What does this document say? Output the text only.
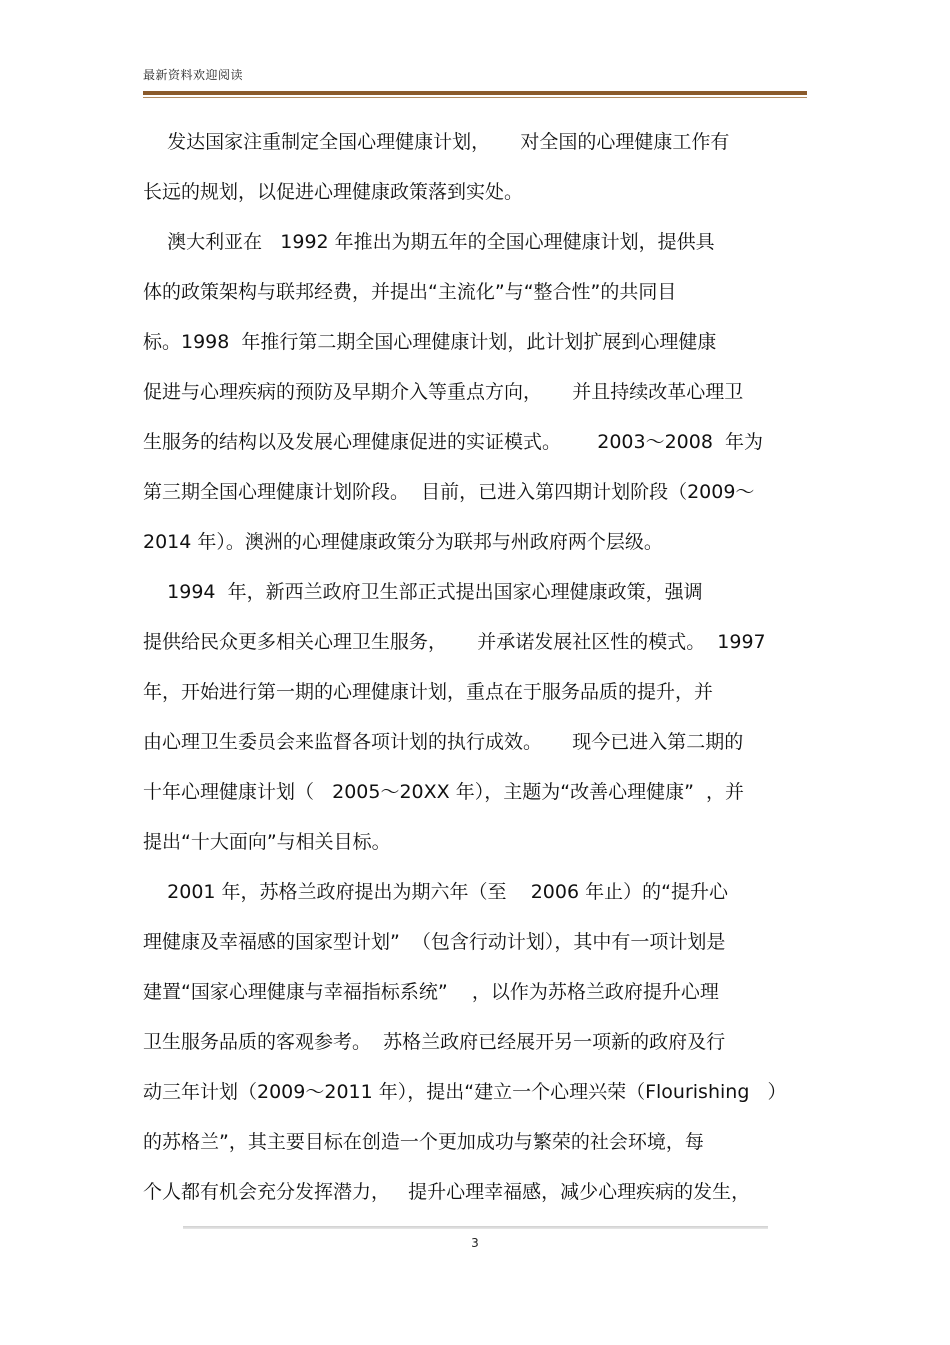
最新资料欢迎阅读
发达国家注重制定全国心理健康计划，     对全国的心理健康工作有
长远的规划，以促进心理健康政策落到实处。
澳大利亚在   1992 年推出为期五年的全国心理健康计划，提供具
体的政策架构与联邦经费，并提出“主流化”与“整合性”的共同目
标。1998  年推行第二期全国心理健康计划，此计划扩展到心理健康
促进与心理疾病的预防及早期介入等重点方向，     并且持续改革心理卫
生服务的结构以及发展心理健康促进的实证模式。      2003～2008  年为
第三期全国心理健康计划阶段。  目前，已进入第四期计划阶段（2009～
2014 年）。澳洲的心理健康政策分为联邦与州政府两个层级。
1994  年，新西兰政府卫生部正式提出国家心理健康政策，强调
提供给民众更多相关心理卫生服务，     并承诺发展社区性的模式。  1997
年，开始进行第一期的心理健康计划，重点在于服务品质的提升，并
由心理卫生委员会来监督各项计划的执行成效。     现今已进入第二期的
十年心理健康计划（   2005～20XX 年），主题为“改善心理健康”  ，并
提出“十大面向”与相关目标。
2001 年，苏格兰政府提出为期六年（至    2006 年止）的“提升心
理健康及幸福感的国家型计划”  （包含行动计划），其中有一项计划是
建置“国家心理健康与幸福指标系统”    ，以作为苏格兰政府提升心理
卫生服务品质的客观参考。  苏格兰政府已经展开另一项新的政府及行
动三年计划（2009～2011 年），提出“建立一个心理兴荣（Flourishing   ）
的苏格兰”，其主要目标在创造一个更加成功与繁荣的社会环境，每
个人都有机会充分发挥潜力，   提升心理幸福感，减少心理疾病的发生，
3
